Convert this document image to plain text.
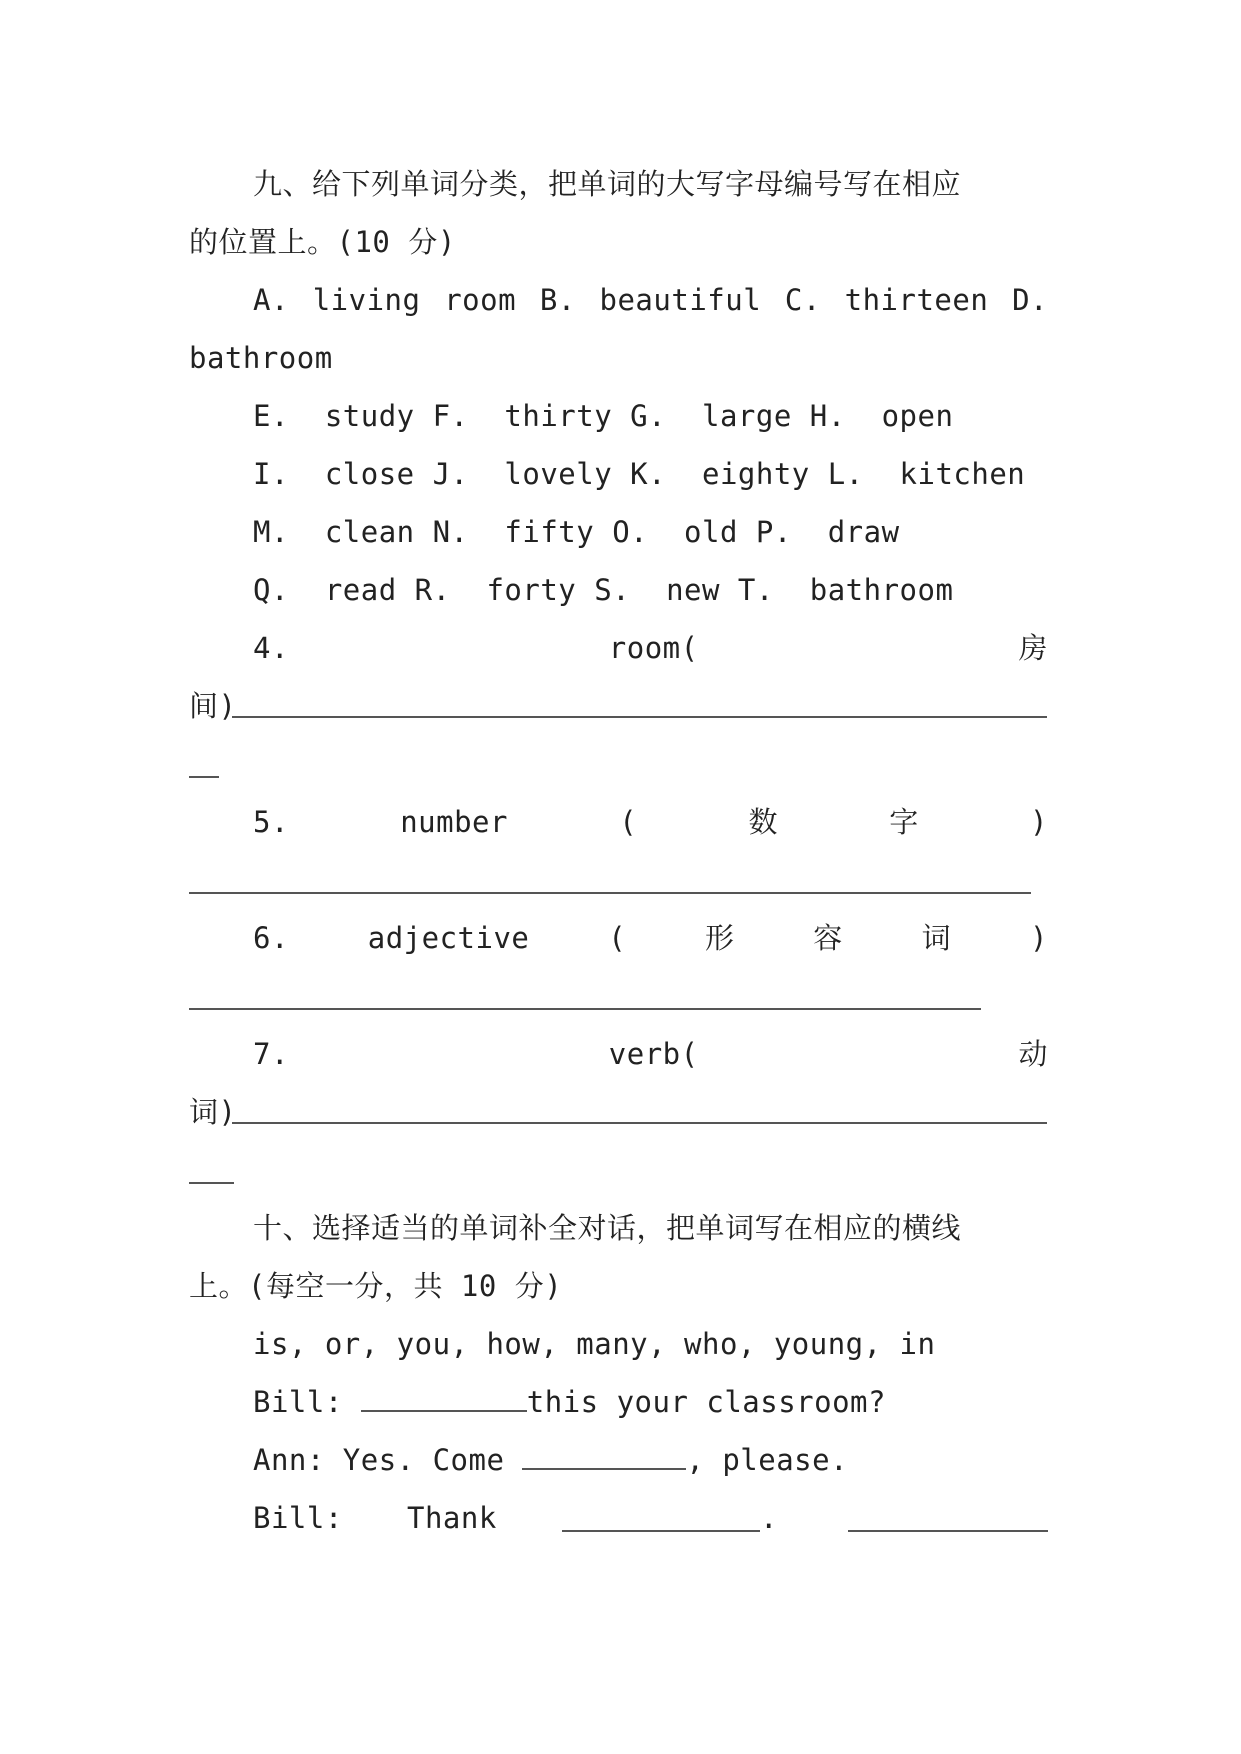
九、给下列单词分类，把单词的大写字母编号写在相应
的位置上。(10 分)
A. living room B. beautiful C. thirteen D.
bathroom
E.  study F.  thirty G.  large H.  open
I.  close J.  lovely K.  eighty L.  kitchen
M.  clean N.  fifty O.  old P.  draw
Q.  read R.  forty S.  new T.  bathroom
4.	room(	房
间)
5.	number	(	数	字	)
6.	adjective	(	形	容	词	)
7.	verb(	动
词)
十、选择适当的单词补全对话，把单词写在相应的横线
上。(每空一分，共 10 分)
is, or, you, how, many, who, young, in
Bill:	this your classroom?
Ann: Yes. Come	, please.
Bill: Thank	.
